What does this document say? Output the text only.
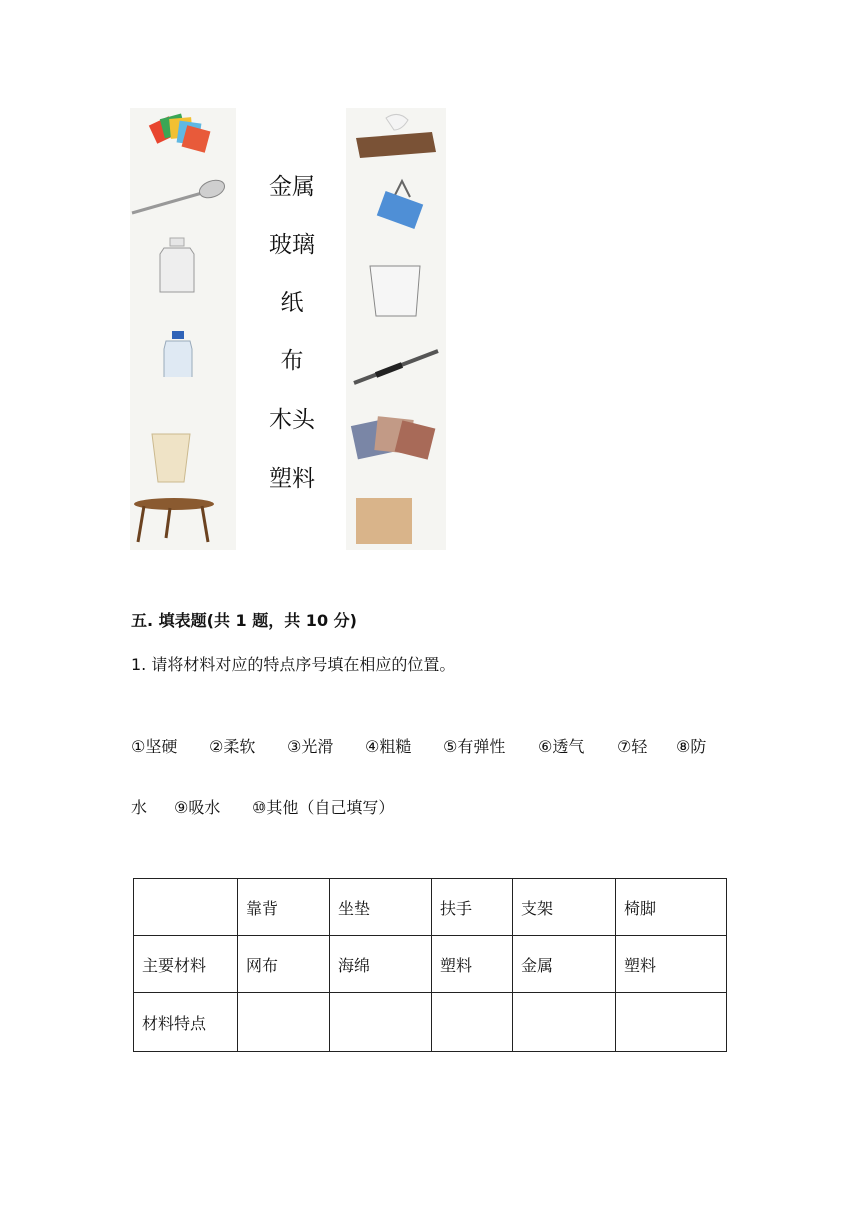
金属
玻璃
纸
布
木头
塑料
五. 填表题(共 1 题，共 10 分)
1. 请将材料对应的特点序号填在相应的位置。
①坚硬 ②柔软 ③光滑 ④粗糙 ⑤有弹性 ⑥透气 ⑦轻 ⑧防
水 ⑨吸水 ⑩其他（自己填写）
	靠背	坐垫	扶手	支架	椅脚
主要材料	网布	海绵	塑料	金属	塑料
材料特点					
